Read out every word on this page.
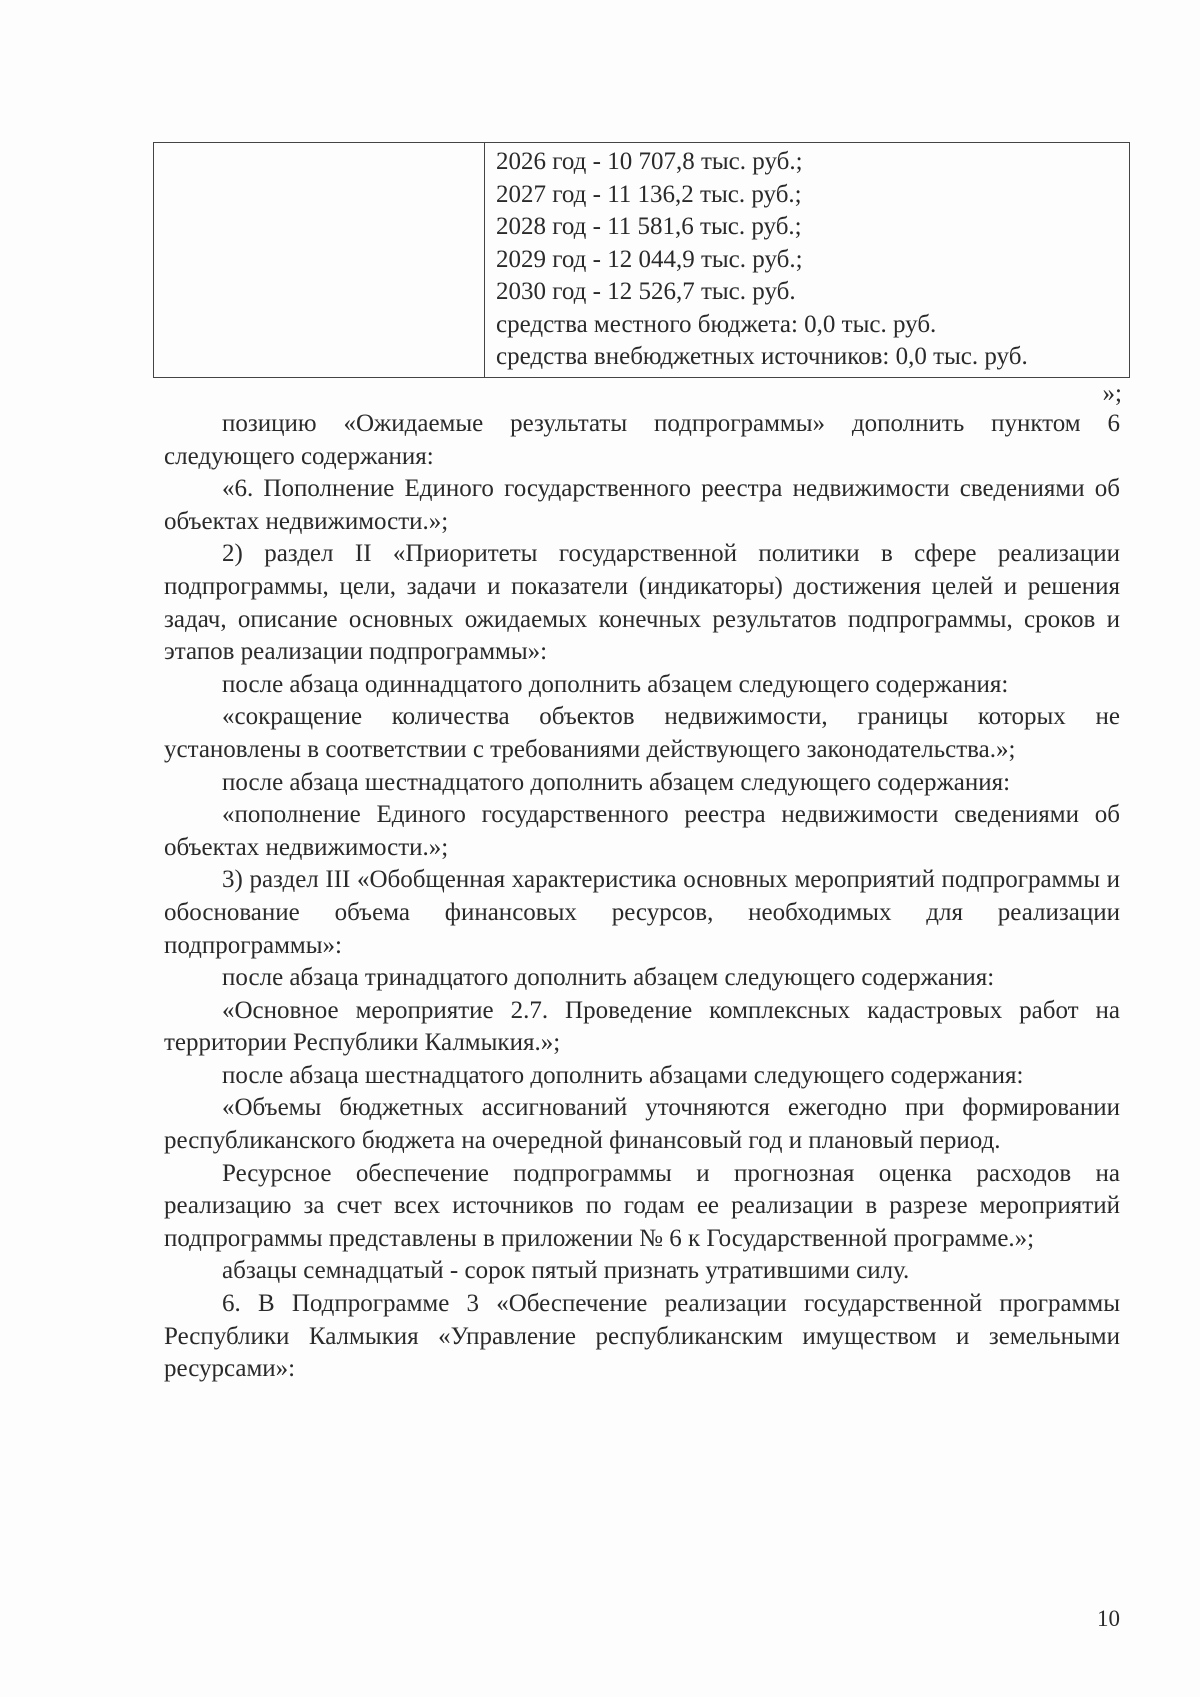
2026 год - 10 707,8 тыс. руб.;
2027 год - 11 136,2 тыс. руб.;
2028 год - 11 581,6 тыс. руб.;
2029 год - 12 044,9 тыс. руб.;
2030 год - 12 526,7 тыс. руб.
средства местного бюджета: 0,0 тыс. руб.
средства внебюджетных источников: 0,0 тыс. руб.
»;

позицию «Ожидаемые результаты подпрограммы» дополнить пунктом 6 следующего содержания:

«6. Пополнение Единого государственного реестра недвижимости сведениями об объектах недвижимости.»;

2) раздел II «Приоритеты государственной политики в сфере реализации подпрограммы, цели, задачи и показатели (индикаторы) достижения целей и решения задач, описание основных ожидаемых конечных результатов подпрограммы, сроков и этапов реализации подпрограммы»:

после абзаца одиннадцатого дополнить абзацем следующего содержания:

«сокращение количества объектов недвижимости, границы которых не установлены в соответствии с требованиями действующего законодательства.»;

после абзаца шестнадцатого дополнить абзацем следующего содержания:

«пополнение Единого государственного реестра недвижимости сведениями об объектах недвижимости.»;

3) раздел III «Обобщенная характеристика основных мероприятий подпрограммы и обоснование объема финансовых ресурсов, необходимых для реализации подпрограммы»:

после абзаца тринадцатого дополнить абзацем следующего содержания:

«Основное мероприятие 2.7. Проведение комплексных кадастровых работ на территории Республики Калмыкия.»;

после абзаца шестнадцатого дополнить абзацами следующего содержания:

«Объемы бюджетных ассигнований уточняются ежегодно при формировании республиканского бюджета на очередной финансовый год и плановый период.

Ресурсное обеспечение подпрограммы и прогнозная оценка расходов на реализацию за счет всех источников по годам ее реализации в разрезе мероприятий подпрограммы представлены в приложении № 6 к Государственной программе.»;

абзацы семнадцатый - сорок пятый признать утратившими силу.

6. В Подпрограмме 3 «Обеспечение реализации государственной программы Республики Калмыкия «Управление республиканским имуществом и земельными ресурсами»:

10
